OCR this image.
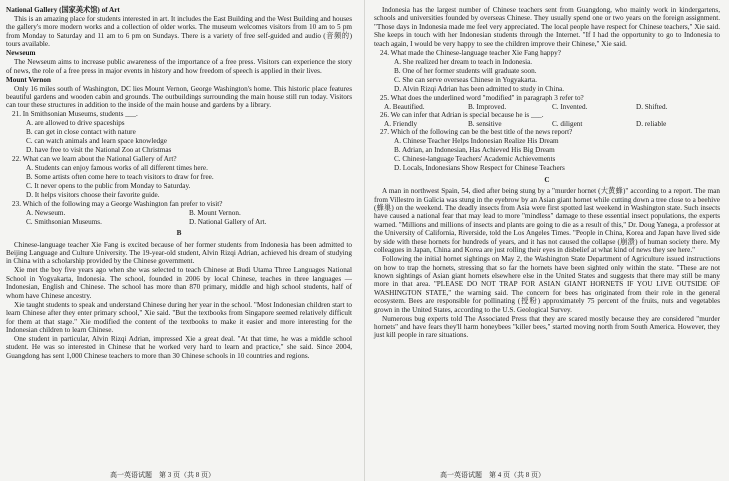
National Gallery (国家美术馆) of Art

This is an amazing place for students interested in art. It includes the East Building and the West Building and houses the gallery's more modern works and a collection of older works. The museum welcomes visitors from 10 am to 5 pm from Monday to Saturday and 11 am to 6 pm on Sundays. There is a variety of free self-guided and audio (音频的) tours available.

Newseum

The Newseum aims to increase public awareness of the importance of a free press. Visitors can experience the story of news, the role of a free press in major events in history and how freedom of speech is applied in their lives.

Mount Vernon

Only 16 miles south of Washington, DC lies Mount Vernon, George Washington's home. This historic place features beautiful gardens and wooden cabin and grounds. The outbuildings surrounding the main house still run today. Visitors can tour these structures in addition to the inside of the main house and gardens by a library.

21. In Smithsonian Museums, students ___.

A. are allowed to drive spaceships

B. can get in close contact with nature

C. can watch animals and learn space knowledge

D. have free to visit the National Zoo at Christmas

22. What can we learn about the National Gallery of Art?

A. Students can enjoy famous works of all different times here.

B. Some artists often come here to teach visitors to draw for free.

C. It never opens to the public from Monday to Saturday.

D. It helps visitors choose their favorite guide.

23. Which of the following may a George Washington fan prefer to visit?

A. Newseum.	B. Mount Vernon.
C. Smithsonian Museums.	D. National Gallery of Art.

B

Chinese-language teacher Xie Fang is excited because of her former students from Indonesia has been admitted to Beijing Language and Culture University. The 19-year-old student, Alvin Rizqi Adrian, achieved his dream of studying in China with a scholarship provided by the Chinese government.

Xie met the boy five years ago when she was selected to teach Chinese at Budi Utama Three Languages National School in Yogyakarta, Indonesia. The school, founded in 2006 by local Chinese, teaches in three languages — Indonesian, English and Chinese. The school has more than 870 primary, middle and high school students, half of whom have Chinese ancestry.

Xie taught students to speak and understand Chinese during her year in the school. "Most Indonesian children start to learn Chinese after they enter primary school," Xie said. "But the textbooks from Singapore seemed relatively difficult for them at that stage." Xie modified the content of the textbooks to make it easier and more interesting for the Indonesian children to learn Chinese.

One student in particular, Alvin Rizqi Adrian, impressed Xie a great deal. "At that time, he was a middle school student. He was so interested in Chinese that he worked very hard to learn and practice," she said. Since 2004, Guangdong has sent 1,000 Chinese teachers to more than 30 Chinese schools in 10 countries and regions.

Indonesia has the largest number of Chinese teachers sent from Guangdong, who mainly work in kindergartens, schools and universities founded by overseas Chinese. They usually spend one or two years on the foreign assignment. "Those days in Indonesia made me feel very appreciated. The local people have respect for Chinese teachers," Xie said. She keeps in touch with her Indonesian students through the Internet. "If I had the opportunity to go to Indonesia to teach again, I would be very happy to see the children improve their Chinese," Xie said.

24. What made the Chinese-language teacher Xie Fang happy?

A. She realized her dream to teach in Indonesia.

B. One of her former students will graduate soon.

C. She can serve overseas Chinese in Yogyakarta.

D. Alvin Rizqi Adrian has been admitted to study in China.

25. What does the underlined word "modified" in paragraph 3 refer to?

A. Beautified.	B. Improved.	C. Invented.	D. Shifted.

26. We can infer that Adrian is special because he is ___.

A. Friendly	B. sensitive	C. diligent	D. reliable

27. Which of the following can be the best title of the news report?

A. Chinese Teacher Helps Indonesian Realize His Dream

B. Adrian, an Indonesian, Has Achieved His Big Dream

C. Chinese-language Teachers' Academic Achievements

D. Locals, Indonesians Show Respect for Chinese Teachers

C

A man in northwest Spain, 54, died after being stung by a "murder hornet (大黄蜂)" according to a report. The man from Villestro in Galicia was stung in the eyebrow by an Asian giant hornet while cutting down a tree close to a beehive (蜂巢) on the weekend. The deadly insects from Asia were first spotted last weekend in Washington state. Such insects have caused a national fear that may lead to more "mindless" damage to these essential insect populations, the experts warned. "Millions and millions of insects and plants are going to die as a result of this," Dr. Doug Yanega, a professor at the University of California, Riverside, told the Los Angeles Times. "People in China, Korea and Japan have lived side by side with these hornets for hundreds of years, and it has not caused the collapse (崩溃) of human society there. My colleagues in Japan, China and Korea are just rolling their eyes in disbelief at what kind of news they see here."

Following the initial hornet sightings on May 2, the Washington State Department of Agriculture issued instructions on how to trap the hornets, stressing that so far the hornets have been sighted only within the state. "These are not known sightings of Asian giant hornets elsewhere else in the United States and suggests that there may still be many more in that area. "PLEASE DO NOT TRAP FOR ASIAN GIANT HORNETS IF YOU LIVE OUTSIDE OF WASHINGTON STATE," the warning said. The concern for bees has originated from their role in the general ecosystem. Bees are responsible for pollinating (授粉) approximately 75 percent of the fruits, nuts and vegetables grown in the United States, according to the U.S. Geological Survey.

Numerous bug experts told The Associated Press that they are scared mostly because they are considered "murder hornets" and have fears they'll harm honeybees "killer bees," started moving north from South America. However, they just kill people in rare situations.

高一英语试题　第 3 页（共 8 页）	高一英语试题　第 4 页（共 8 页）
